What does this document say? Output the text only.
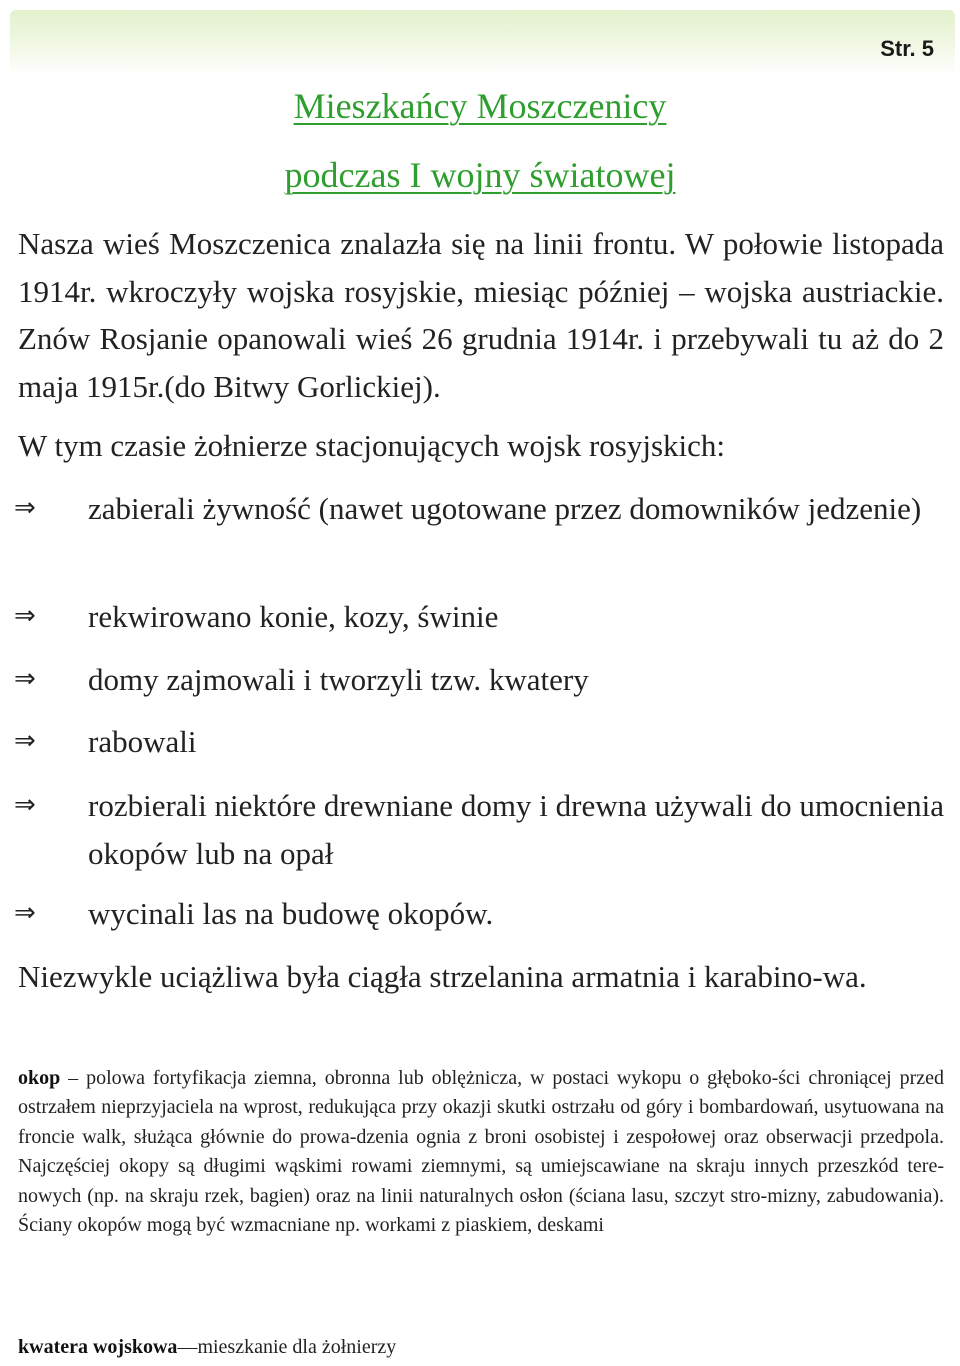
Str. 5
Mieszkańcy Moszczenicy
podczas I wojny światowej

Nasza wieś Moszczenica znalazła się na linii frontu. W połowie listopada 1914r. wkroczyły wojska rosyjskie, miesiąc później – wojska austriackie. Znów Rosjanie opanowali wieś 26 grudnia 1914r. i przebywali tu aż do 2 maja 1915r.(do Bitwy Gorlickiej).

W tym czasie żołnierze stacjonujących wojsk rosyjskich:

⇒ zabierali żywność (nawet ugotowane przez domowników jedzenie)

⇒ rekwirowano konie, kozy, świnie

⇒ domy zajmowali i tworzyli tzw. kwatery

⇒ rabowali

⇒ rozbierali niektóre drewniane domy i drewna używali do umocnienia okopów lub na opał

⇒ wycinali las na budowę okopów.

Niezwykle uciążliwa była ciągła strzelanina armatnia i karabino-wa.

okop – polowa fortyfikacja ziemna, obronna lub oblężnicza, w postaci wykopu o głęboko-ści chroniącej przed ostrzałem nieprzyjaciela na wprost, redukująca przy okazji skutki ostrzału od góry i bombardowań, usytuowana na froncie walk, służąca głównie do prowa-dzenia ognia z broni osobistej i zespołowej oraz obserwacji przedpola. Najczęściej okopy są długimi wąskimi rowami ziemnymi, są umiejscawiane na skraju innych przeszkód tere-nowych (np. na skraju rzek, bagien) oraz na linii naturalnych osłon (ściana lasu, szczyt stro-mizny, zabudowania). Ściany okopów mogą być wzmacniane np. workami z piaskiem, deskami

kwatera wojskowa—mieszkanie dla żołnierzy
